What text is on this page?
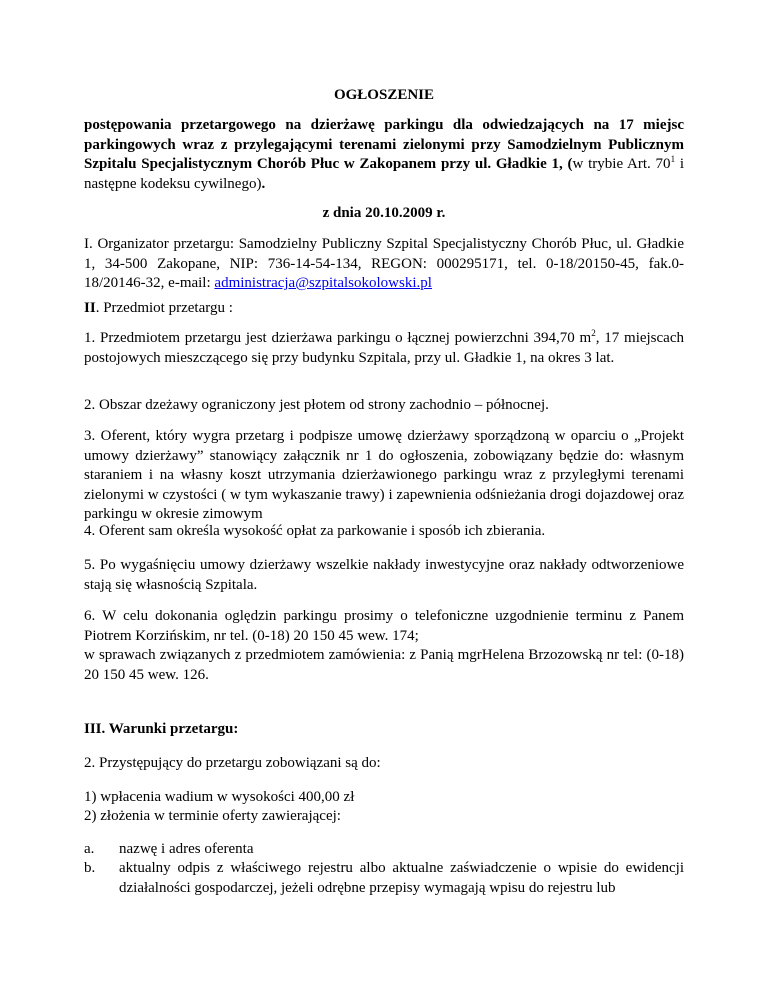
OGŁOSZENIE
postępowania przetargowego na dzierżawę parkingu dla odwiedzających na 17 miejsc parkingowych wraz z przylegającymi terenami zielonymi przy Samodzielnym Publicznym Szpitalu Specjalistycznym Chorób Płuc w Zakopanem przy ul. Gładkie 1, (w trybie Art. $70^1$ i następne kodeksu cywilnego).
z dnia 20.10.2009 r.
I. Organizator przetargu: Samodzielny Publiczny Szpital Specjalistyczny Chorób Płuc, ul. Gładkie 1, 34-500 Zakopane, NIP: 736-14-54-134, REGON: 000295171, tel. 0-18/20150-45, fak.0-18/20146-32, e-mail: administracja@szpitalsokolowski.pl
II. Przedmiot przetargu :
1. Przedmiotem przetargu jest dzierżawa parkingu o łącznej powierzchni 394,70 $m^2$, 17 miejscach postojowych mieszczącego się przy budynku Szpitala, przy ul. Gładkie 1, na okres 3 lat.
2. Obszar dzeżawy ograniczony jest płotem od strony zachodnio – północnej.
3. Oferent, który wygra przetarg i podpisze umowę dzierżawy sporządzoną w oparciu o „Projekt umowy dzierżawy” stanowiący załącznik nr 1 do ogłoszenia, zobowiązany będzie do: własnym staraniem i na własny koszt utrzymania dzierżawionego parkingu wraz z przyległymi terenami zielonymi w czystości ( w tym wykaszanie trawy) i zapewnienia odśnieżania drogi dojazdowej oraz parkingu w okresie zimowym
4. Oferent sam określa wysokość opłat za parkowanie i sposób ich zbierania.
5. Po wygaśnięciu umowy dzierżawy wszelkie nakłady inwestycyjne oraz nakłady odtworzeniowe stają się własnością Szpitala.
6. W celu dokonania oględzin parkingu prosimy o telefoniczne uzgodnienie terminu z Panem Piotrem Korzińskim, nr tel. (0-18) 20 150 45 wew. 174;
w sprawach związanych z przedmiotem zamówienia: z Panią mgrHelena Brzozowską nr tel: (0-18) 20 150 45 wew. 126.
III. Warunki przetargu:
2. Przystępujący do przetargu zobowiązani są do:
1) wpłacenia wadium w wysokości 400,00 zł
2) złożenia w terminie oferty zawierającej:
a.	nazwę i adres oferenta
b.	aktualny odpis z właściwego rejestru albo aktualne zaświadczenie o wpisie do ewidencji działalności gospodarczej, jeżeli odrębne przepisy wymagają wpisu do rejestru lub
